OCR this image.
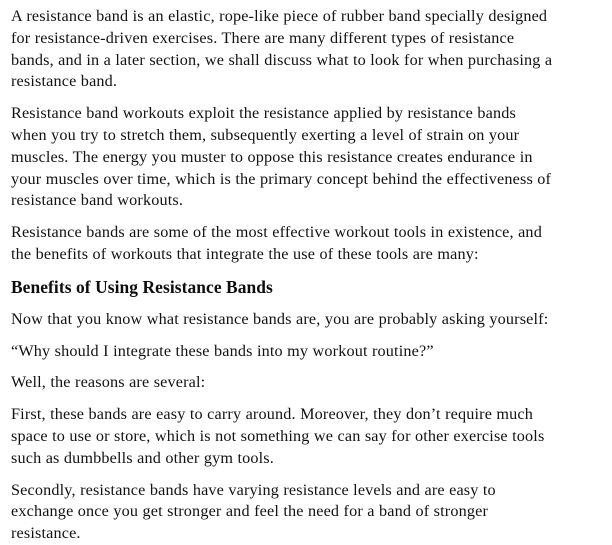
A resistance band is an elastic, rope-like piece of rubber band specially designed for resistance-driven exercises. There are many different types of resistance bands, and in a later section, we shall discuss what to look for when purchasing a resistance band.

Resistance band workouts exploit the resistance applied by resistance bands when you try to stretch them, subsequently exerting a level of strain on your muscles. The energy you muster to oppose this resistance creates endurance in your muscles over time, which is the primary concept behind the effectiveness of resistance band workouts.

Resistance bands are some of the most effective workout tools in existence, and the benefits of workouts that integrate the use of these tools are many:

Benefits of Using Resistance Bands

Now that you know what resistance bands are, you are probably asking yourself:

“Why should I integrate these bands into my workout routine?”

Well, the reasons are several:

First, these bands are easy to carry around. Moreover, they don’t require much space to use or store, which is not something we can say for other exercise tools such as dumbbells and other gym tools.

Secondly, resistance bands have varying resistance levels and are easy to exchange once you get stronger and feel the need for a band of stronger resistance.
